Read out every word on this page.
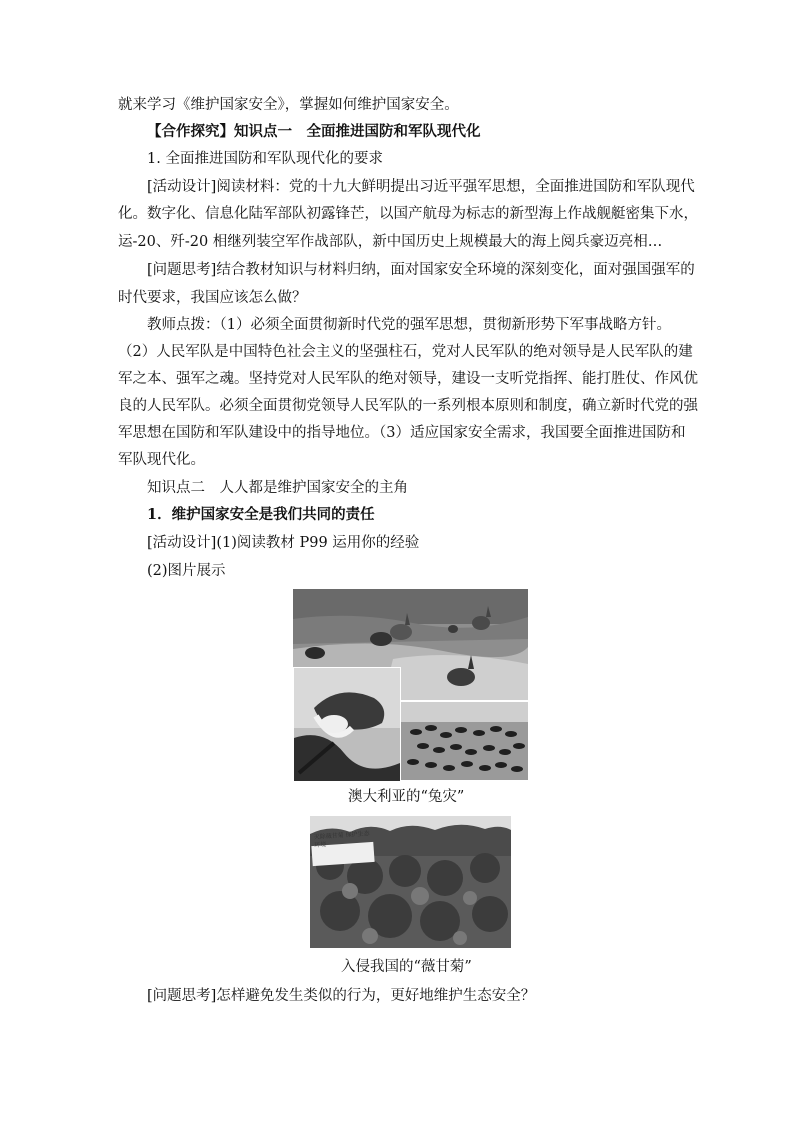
就来学习《维护国家安全》，掌握如何维护国家安全。
【合作探究】知识点一　全面推进国防和军队现代化
1. 全面推进国防和军队现代化的要求
[活动设计]阅读材料：党的十九大鲜明提出习近平强军思想，全面推进国防和军队现代
化。数字化、信息化陆军部队初露锋芒，以国产航母为标志的新型海上作战舰艇密集下水，
运-20、歼-20 相继列装空军作战部队，新中国历史上规模最大的海上阅兵豪迈亮相…
[问题思考]结合教材知识与材料归纳，面对国家安全环境的深刻变化，面对强国强军的
时代要求，我国应该怎么做？
教师点拨：（1）必须全面贯彻新时代党的强军思想，贯彻新形势下军事战略方针。
（2）人民军队是中国特色社会主义的坚强柱石，党对人民军队的绝对领导是人民军队的建
军之本、强军之魂。坚持党对人民军队的绝对领导，建设一支听党指挥、能打胜仗、作风优
良的人民军队。必须全面贯彻党领导人民军队的一系列根本原则和制度，确立新时代党的强
军思想在国防和军队建设中的指导地位。（3）适应国家安全需求，我国要全面推进国防和
军队现代化。
知识点二　人人都是维护国家安全的主角
1．维护国家安全是我们共同的责任
[活动设计](1)阅读教材 P99 运用你的经验
(2)图片展示
澳大利亚的“兔灾”
灭除薇甘菊 保护生态环境
入侵我国的“薇甘菊”
[问题思考]怎样避免发生类似的行为，更好地维护生态安全？
